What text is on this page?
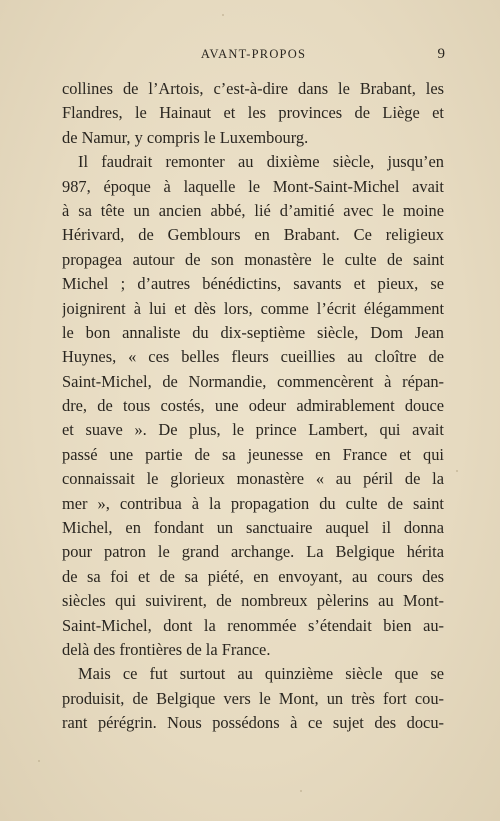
AVANT-PROPOS	9
collines de l’Artois, c’est-à-dire dans le Brabant, les
Flandres, le Hainaut et les provinces de Liège et
de Namur, y compris le Luxembourg.
Il faudrait remonter au dixième siècle, jusqu’en
987, époque à laquelle le Mont-Saint-Michel avait
à sa tête un ancien abbé, lié d’amitié avec le moine
Hérivard, de Gemblours en Brabant. Ce religieux
propagea autour de son monastère le culte de saint
Michel ; d’autres bénédictins, savants et pieux, se
joignirent à lui et dès lors, comme l’écrit élégamment
le bon annaliste du dix-septième siècle, Dom Jean
Huynes, « ces belles fleurs cueillies au cloître de
Saint-Michel, de Normandie, commencèrent à répan-
dre, de tous costés, une odeur admirablement douce
et suave ». De plus, le prince Lambert, qui avait
passé une partie de sa jeunesse en France et qui
connaissait le glorieux monastère « au péril de la
mer », contribua à la propagation du culte de saint
Michel, en fondant un sanctuaire auquel il donna
pour patron le grand archange. La Belgique hérita
de sa foi et de sa piété, en envoyant, au cours des
siècles qui suivirent, de nombreux pèlerins au Mont-
Saint-Michel, dont la renommée s’étendait bien au-
delà des frontières de la France.
Mais ce fut surtout au quinzième siècle que se
produisit, de Belgique vers le Mont, un très fort cou-
rant pérégrin. Nous possédons à ce sujet des docu-
